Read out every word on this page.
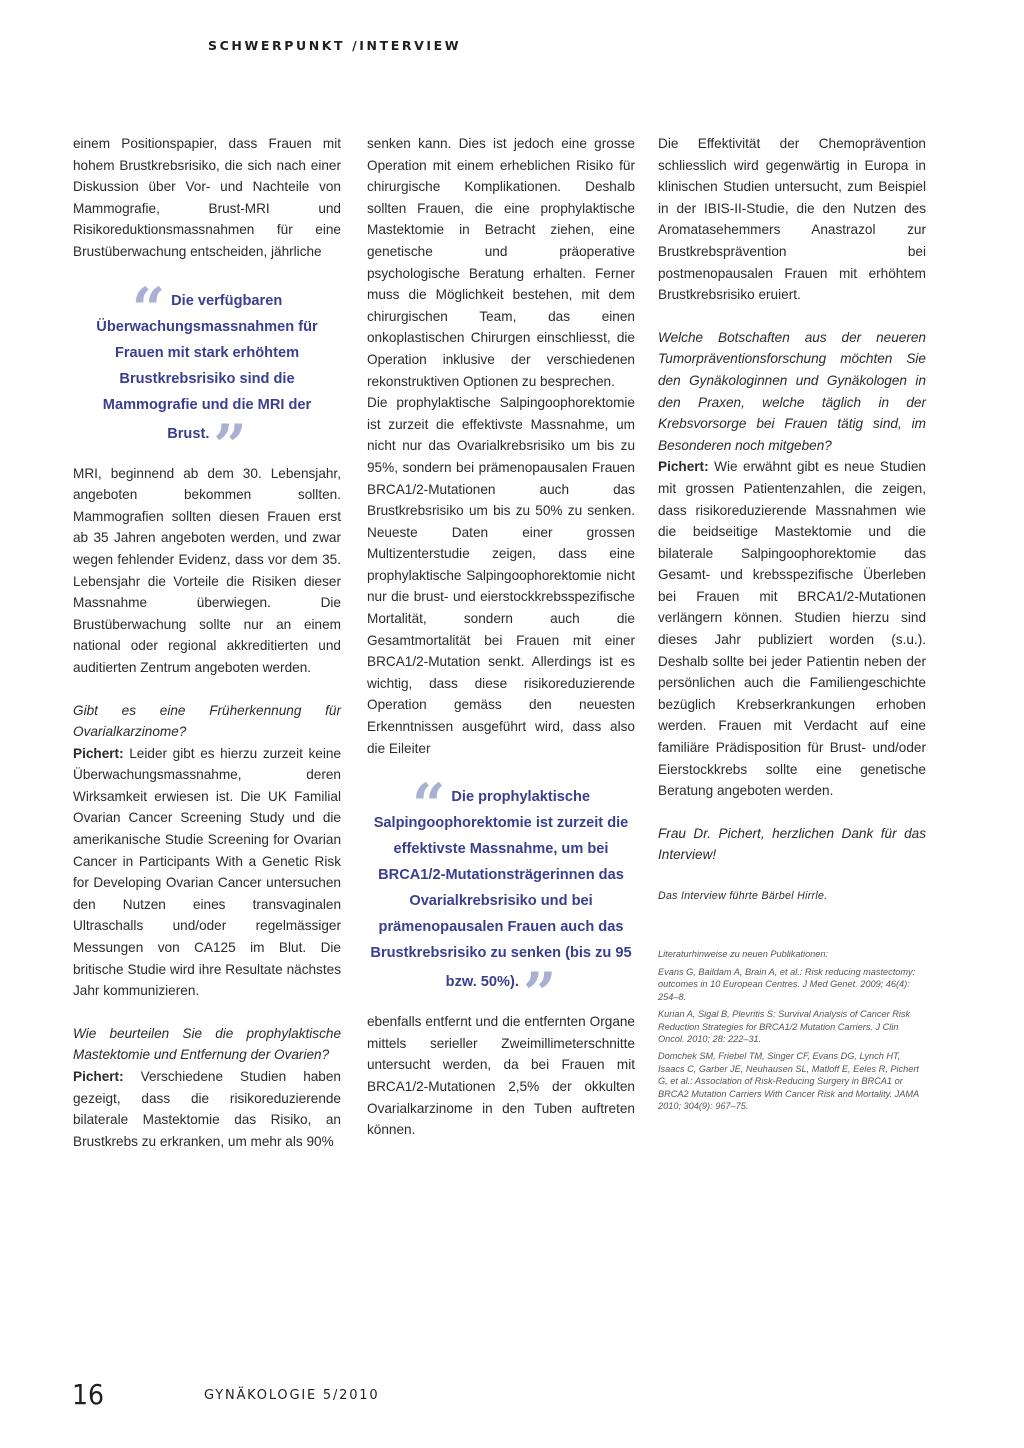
SCHWERPUNKT /INTERVIEW

einem Positionspapier, dass Frauen mit hohem Brustkrebsrisiko, die sich nach einer Diskussion über Vor- und Nachteile von Mammografie, Brust-MRI und Risikoreduktionsmassnahmen für eine Brustüberwachung entscheiden, jährliche

“ Die verfügbaren Überwachungsmassnahmen für Frauen mit stark erhöhtem Brustkrebsrisiko sind die Mammografie und die MRI der Brust.”

MRI, beginnend ab dem 30. Lebensjahr, angeboten bekommen sollten. Mammografien sollten diesen Frauen erst ab 35 Jahren angeboten werden, und zwar wegen fehlender Evidenz, dass vor dem 35. Lebensjahr die Vorteile die Risiken dieser Massnahme überwiegen. Die Brustüberwachung sollte nur an einem national oder regional akkreditierten und auditierten Zentrum angeboten werden.

Gibt es eine Früherkennung für Ovarialkarzinome?

Pichert: Leider gibt es hierzu zurzeit keine Überwachungsmassnahme, deren Wirksamkeit erwiesen ist. Die UK Familial Ovarian Cancer Screening Study und die amerikanische Studie Screening for Ovarian Cancer in Participants With a Genetic Risk for Developing Ovarian Cancer untersuchen den Nutzen eines transvaginalen Ultraschalls und/oder regelmässiger Messungen von CA125 im Blut. Die britische Studie wird ihre Resultate nächstes Jahr kommunizieren.

Wie beurteilen Sie die prophylaktische Mastektomie und Entfernung der Ovarien?

Pichert: Verschiedene Studien haben gezeigt, dass die risikoreduzierende bilaterale Mastektomie das Risiko, an Brustkrebs zu erkranken, um mehr als 90%

senken kann. Dies ist jedoch eine grosse Operation mit einem erheblichen Risiko für chirurgische Komplikationen. Deshalb sollten Frauen, die eine prophylaktische Mastektomie in Betracht ziehen, eine genetische und präoperative psychologische Beratung erhalten. Ferner muss die Möglichkeit bestehen, mit dem chirurgischen Team, das einen onkoplastischen Chirurgen einschliesst, die Operation inklusive der verschiedenen rekonstruktiven Optionen zu besprechen.

Die prophylaktische Salpingoophorektomie ist zurzeit die effektivste Massnahme, um nicht nur das Ovarialkrebsrisiko um bis zu 95%, sondern bei prämenopausalen Frauen BRCA1/2-Mutationen auch das Brustkrebsrisiko um bis zu 50% zu senken. Neueste Daten einer grossen Multizenterstudie zeigen, dass eine prophylaktische Salpingoophorektomie nicht nur die brust- und eierstockkrebsspezifische Mortalität, sondern auch die Gesamtmortalität bei Frauen mit einer BRCA1/2-Mutation senkt. Allerdings ist es wichtig, dass diese risikoreduzierende Operation gemäss den neuesten Erkenntnissen ausgeführt wird, dass also die Eileiter

“ Die prophylaktische Salpingoophorektomie ist zurzeit die effektivste Massnahme, um bei BRCA1/2-Mutationsträgerinnen das Ovarialkrebsrisiko und bei prämenopausalen Frauen auch das Brustkrebsrisiko zu senken (bis zu 95 bzw. 50%).”

ebenfalls entfernt und die entfernten Organe mittels serieller Zweimillimeterschnitte untersucht werden, da bei Frauen mit BRCA1/2-Mutationen 2,5% der okkulten Ovarialkarzinome in den Tuben auftreten können.

Die Effektivität der Chemoprävention schliesslich wird gegenwärtig in Europa in klinischen Studien untersucht, zum Beispiel in der IBIS-II-Studie, die den Nutzen des Aromatasehemmers Anastrazol zur Brustkrebsprävention bei postmenopausalen Frauen mit erhöhtem Brustkrebsrisiko eruiert.

Welche Botschaften aus der neueren Tumorpräventionsforschung möchten Sie den Gynäkologinnen und Gynäkologen in den Praxen, welche täglich in der Krebsvorsorge bei Frauen tätig sind, im Besonderen noch mitgeben?

Pichert: Wie erwähnt gibt es neue Studien mit grossen Patientenzahlen, die zeigen, dass risikoreduzierende Massnahmen wie die beidseitige Mastektomie und die bilaterale Salpingoophorektomie das Gesamt- und krebsspezifische Überleben bei Frauen mit BRCA1/2-Mutationen verlängern können. Studien hierzu sind dieses Jahr publiziert worden (s.u.). Deshalb sollte bei jeder Patientin neben der persönlichen auch die Familiengeschichte bezüglich Krebserkrankungen erhoben werden. Frauen mit Verdacht auf eine familiäre Prädisposition für Brust- und/oder Eierstockkrebs sollte eine genetische Beratung angeboten werden.

Frau Dr. Pichert, herzlichen Dank für das Interview!

Das Interview führte Bärbel Hirrle.
Literaturhinweise zu neuen Publikationen:
Evans G, Baildam A, Brain A, et al.: Risk reducing mastectomy: outcomes in 10 European Centres. J Med Genet. 2009; 46(4): 254–8.
Kurian A, Sigal B, Plevritis S: Survival Analysis of Cancer Risk Reduction Strategies for BRCA1/2 Mutation Carriers. J Clin Oncol. 2010; 28: 222–31.
Domchek SM, Friebel TM, Singer CF, Evans DG, Lynch HT, Isaacs C, Garber JE, Neuhausen SL, Matloff E, Eeles R, Pichert G, et al.: Association of Risk-Reducing Surgery in BRCA1 or BRCA2 Mutation Carriers With Cancer Risk and Mortality. JAMA 2010; 304(9): 967–75.
16	GYNÄKOLOGIE 5/2010
